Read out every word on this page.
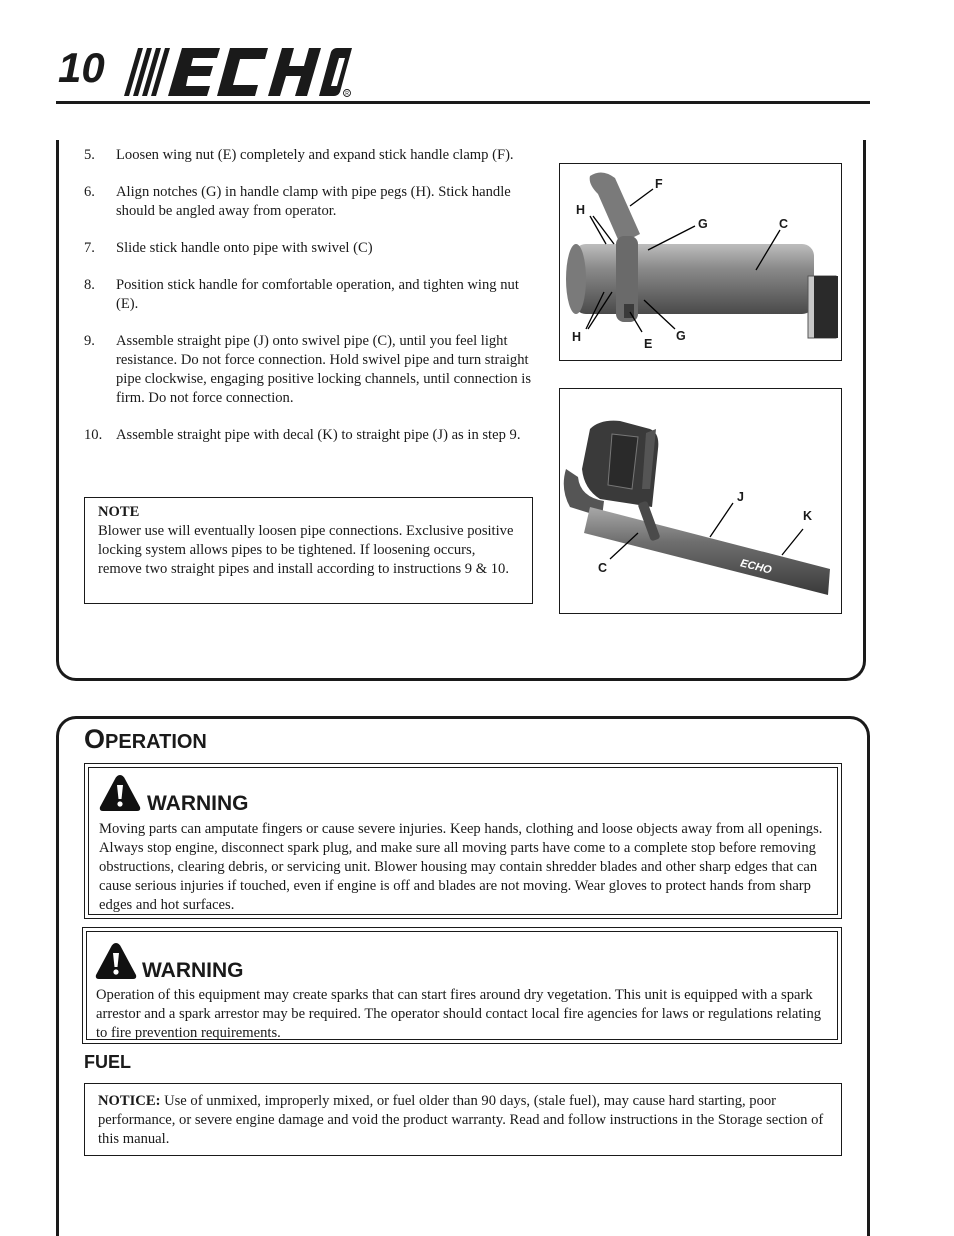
10
R
5. Loosen wing nut (E) completely and expand stick handle clamp (F).
6. Align notches (G) in handle clamp with pipe pegs (H). Stick handle should be angled away from operator.
7. Slide stick handle onto pipe with swivel (C)
8. Position stick handle for comfortable operation, and tighten wing nut (E).
9. Assemble straight pipe (J) onto swivel pipe (C), until you feel light resistance. Do not force connection. Hold swivel pipe and turn straight pipe clockwise, engaging positive locking channels, until connection is firm. Do not force connection.
10. Assemble straight pipe with decal (K) to straight pipe (J) as in step 9.
NOTE
Blower use will eventually loosen pipe connections. Exclusive positive locking system allows pipes to be tightened. If loosening occurs, remove two straight pipes and install according to instructions 9 & 10.
F
H
G	C
H	E
G
J
K
C	ECHO
OPERATION
WARNING
Moving parts can amputate fingers or cause severe injuries. Keep hands, clothing and loose objects away from all openings. Always stop engine, disconnect spark plug, and make sure all moving parts have come to a complete stop before removing obstructions, clearing debris, or servicing unit. Blower housing may contain shredder blades and other sharp edges that can cause serious injuries if touched, even if engine is off and blades are not moving. Wear gloves to protect hands from sharp edges and hot surfaces.
WARNING
Operation of this equipment may create sparks that can start fires around dry vegetation. This unit is equipped with a spark arrestor and a spark arrestor may be required. The operator should contact local fire agencies for laws or regulations relating to fire prevention requirements.
FUEL
NOTICE: Use of unmixed, improperly mixed, or fuel older than 90 days, (stale fuel), may cause hard starting, poor performance, or severe engine damage and void the product warranty. Read and follow instructions in the Storage section of this manual.
